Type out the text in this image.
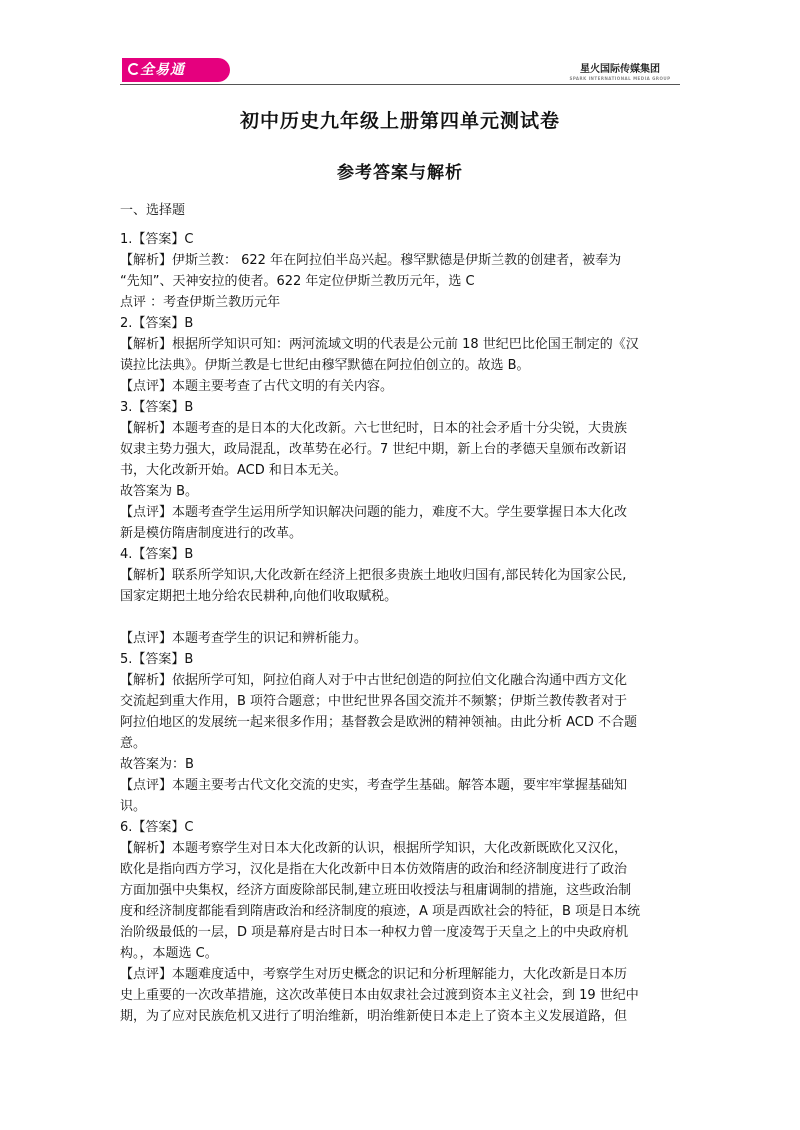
全易通	星火国际传媒集团
SPARK INTERNATIONAL MEDIA GROUP
初中历史九年级上册第四单元测试卷
参考答案与解析

一、选择题

1.【答案】C

【解析】伊斯兰教： 622 年在阿拉伯半岛兴起。穆罕默德是伊斯兰教的创建者，被奉为

“先知”、天神安拉的使者。622 年定位伊斯兰教历元年，选 C

点评 ：考查伊斯兰教历元年

2.【答案】B

【解析】根据所学知识可知：两河流域文明的代表是公元前 18 世纪巴比伦国王制定的《汉

谟拉比法典》。伊斯兰教是七世纪由穆罕默德在阿拉伯创立的。故选 B。

【点评】本题主要考查了古代文明的有关内容。

3.【答案】B

【解析】本题考查的是日本的大化改新。六七世纪时，日本的社会矛盾十分尖锐，大贵族

奴隶主势力强大，政局混乱，改革势在必行。7 世纪中期，新上台的孝德天皇颁布改新诏

书，大化改新开始。ACD 和日本无关。

故答案为 B。

【点评】本题考查学生运用所学知识解决问题的能力，难度不大。学生要掌握日本大化改

新是模仿隋唐制度进行的改革。

4.【答案】B

【解析】联系所学知识,大化改新在经济上把很多贵族土地收归国有,部民转化为国家公民,

国家定期把土地分给农民耕种,向他们收取赋税。

【点评】本题考查学生的识记和辨析能力。

5.【答案】B

【解析】依据所学可知，阿拉伯商人对于中古世纪创造的阿拉伯文化融合沟通中西方文化

交流起到重大作用，B 项符合题意；中世纪世界各国交流并不频繁；伊斯兰教传教者对于

阿拉伯地区的发展统一起来很多作用；基督教会是欧洲的精神领袖。由此分析 ACD 不合题

意。

故答案为：B

【点评】本题主要考古代文化交流的史实，考查学生基础。解答本题，要牢牢掌握基础知

识。

6.【答案】C

【解析】本题考察学生对日本大化改新的认识，根据所学知识，大化改新既欧化又汉化，

欧化是指向西方学习，汉化是指在大化改新中日本仿效隋唐的政治和经济制度进行了政治

方面加强中央集权，经济方面废除部民制,建立班田收授法与租庸调制的措施，这些政治制

度和经济制度都能看到隋唐政治和经济制度的痕迹，A 项是西欧社会的特征，B 项是日本统

治阶级最低的一层，D 项是幕府是古时日本一种权力曾一度凌驾于天皇之上的中央政府机

构。，本题选 C。

【点评】本题难度适中，考察学生对历史概念的识记和分析理解能力，大化改新是日本历

史上重要的一次改革措施，这次改革使日本由奴隶社会过渡到资本主义社会，到 19 世纪中

期，为了应对民族危机又进行了明治维新，明治维新使日本走上了资本主义发展道路，但
